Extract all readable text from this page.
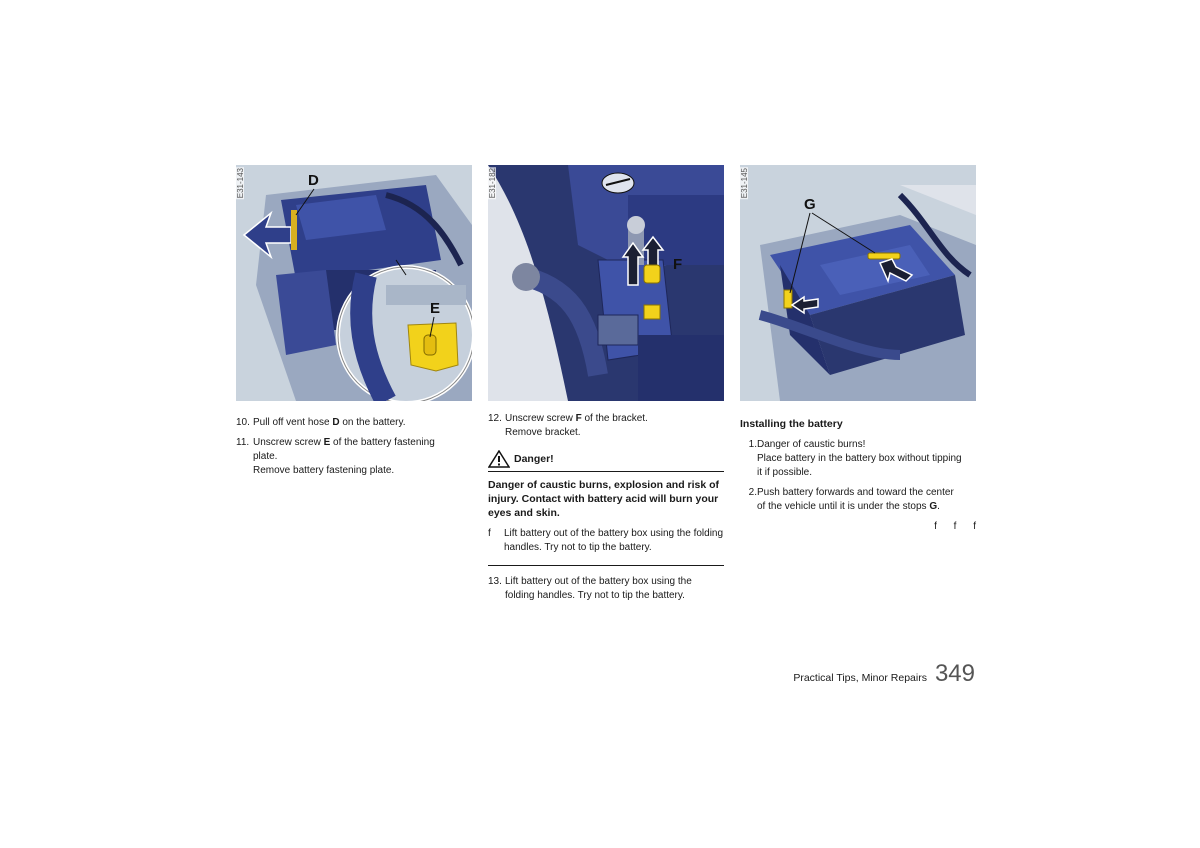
D
E
E31-143
F
E31-182
G
E31-145
10. Pull off vent hose D on the battery.
11. Unscrew screw E of the battery fastening
plate.
Remove battery fastening plate.
12. Unscrew screw F of the bracket.
Remove bracket.
Danger!
Danger of caustic burns, explosion and risk of injury. Contact with battery acid will burn your eyes and skin.
f	Lift battery out of the battery box using the folding handles. Try not to tip the battery.
13. Lift battery out of the battery box using the
folding handles. Try not to tip the battery.
Installing the battery
1. Danger of caustic burns!
Place battery in the battery box without tipping
it if possible.
2. Push battery forwards and toward the center
of the vehicle until it is under the stops G.
f f f
Practical Tips, Minor Repairs 349
